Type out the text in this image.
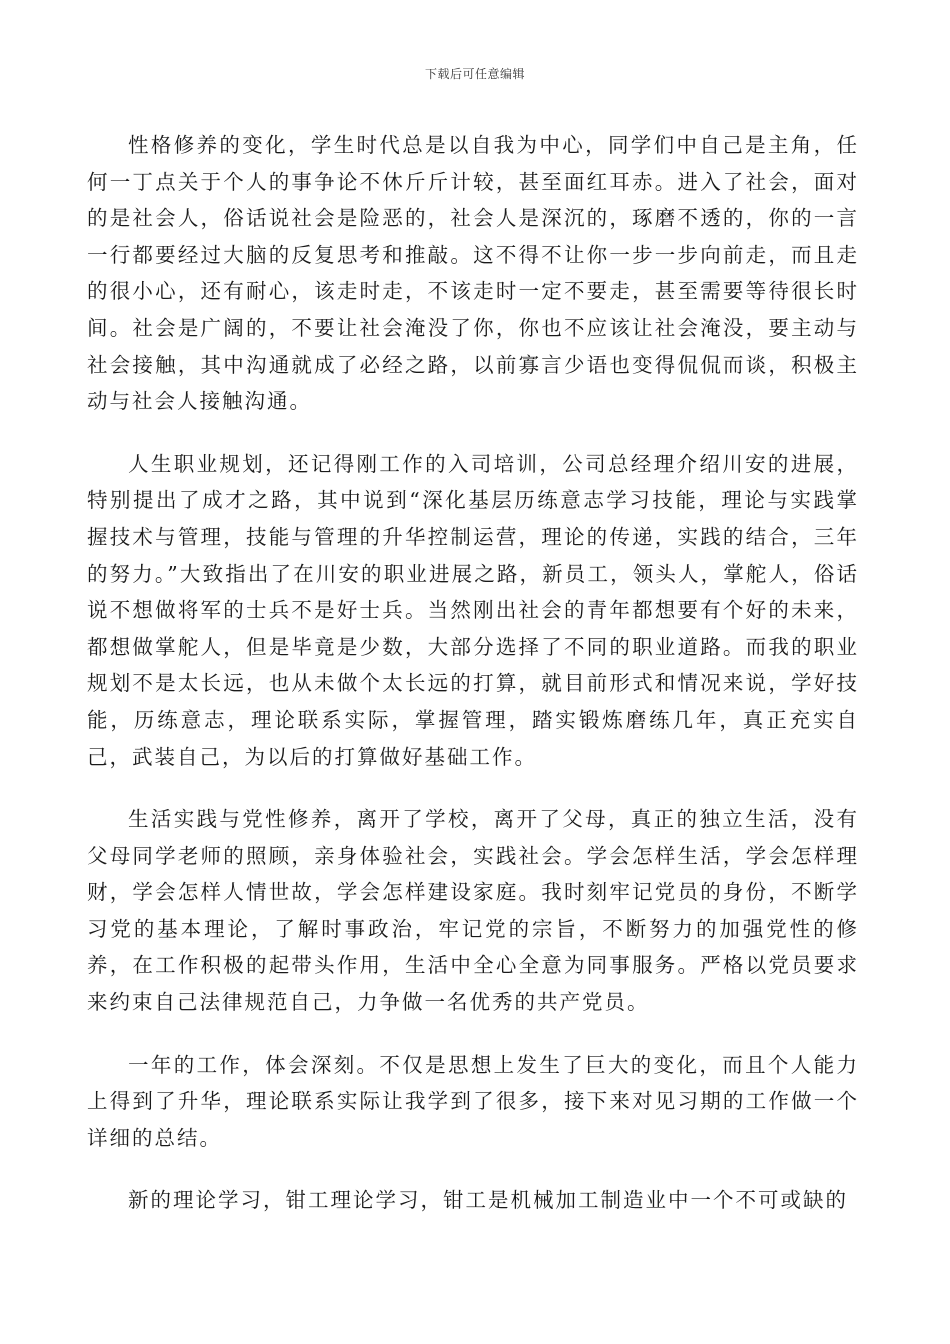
下载后可任意编辑

性格修养的变化，学生时代总是以自我为中心，同学们中自己是主角，任何一丁点关于个人的事争论不休斤斤计较，甚至面红耳赤。进入了社会，面对的是社会人，俗话说社会是险恶的，社会人是深沉的，琢磨不透的，你的一言一行都要经过大脑的反复思考和推敲。这不得不让你一步一步向前走，而且走的很小心，还有耐心，该走时走，不该走时一定不要走，甚至需要等待很长时间。社会是广阔的，不要让社会淹没了你，你也不应该让社会淹没，要主动与社会接触，其中沟通就成了必经之路，以前寡言少语也变得侃侃而谈，积极主动与社会人接触沟通。

人生职业规划，还记得刚工作的入司培训，公司总经理介绍川安的进展，特别提出了成才之路，其中说到“深化基层历练意志学习技能，理论与实践掌握技术与管理，技能与管理的升华控制运营，理论的传递，实践的结合，三年的努力。”大致指出了在川安的职业进展之路，新员工，领头人，掌舵人，俗话说不想做将军的士兵不是好士兵。当然刚出社会的青年都想要有个好的未来，都想做掌舵人，但是毕竟是少数，大部分选择了不同的职业道路。而我的职业规划不是太长远，也从未做个太长远的打算，就目前形式和情况来说，学好技能，历练意志，理论联系实际，掌握管理，踏实锻炼磨练几年，真正充实自己，武装自己，为以后的打算做好基础工作。

生活实践与党性修养，离开了学校，离开了父母，真正的独立生活，没有父母同学老师的照顾，亲身体验社会，实践社会。学会怎样生活，学会怎样理财，学会怎样人情世故，学会怎样建设家庭。我时刻牢记党员的身份，不断学习党的基本理论，了解时事政治，牢记党的宗旨，不断努力的加强党性的修养，在工作积极的起带头作用，生活中全心全意为同事服务。严格以党员要求来约束自己法律规范自己，力争做一名优秀的共产党员。

一年的工作，体会深刻。不仅是思想上发生了巨大的变化，而且个人能力上得到了升华，理论联系实际让我学到了很多，接下来对见习期的工作做一个详细的总结。

新的理论学习，钳工理论学习，钳工是机械加工制造业中一个不可或缺的
